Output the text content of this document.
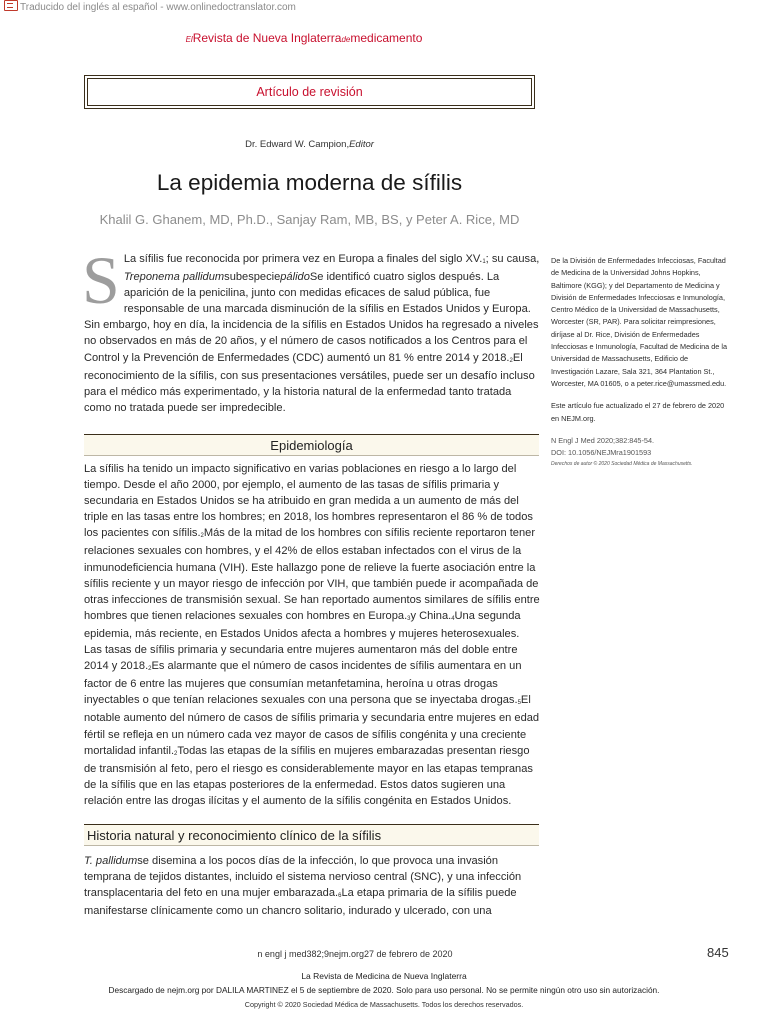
Traducido del inglés al español - www.onlinedoctranslator.com
ElRevista de Nueva Inglaterrademedicamento
Artículo de revisión
Dr. Edward W. Campion,Editor
La epidemia moderna de sífilis
Khalil G. Ghanem, MD, Ph.D., Sanjay Ram, MB, BS, y Peter A. Rice, MD
S La sífilis fue reconocida por primera vez en Europa a finales del siglo $XV._1$; su causa, Treponema pallidumsubespeciepálidoSe identificó cuatro siglos después. La aparición de la penicilina, junto con medidas eficaces de salud pública, fue responsable de una marcada disminución de la sífilis en Estados Unidos y Europa. Sin embargo, hoy en día, la incidencia de la sífilis en Estados Unidos ha regresado a niveles no observados en más de 20 años, y el número de casos notificados a los Centros para el Control y la Prevención de Enfermedades (CDC) aumentó un 81 % entre 2014 y $2018._2El$ reconocimiento de la sífilis, con sus presentaciones versátiles, puede ser un desafío incluso para el médico más experimentado, y la historia natural de la enfermedad tanto tratada como no tratada puede ser impredecible.
Epidemiología
La sífilis ha tenido un impacto significativo en varias poblaciones en riesgo a lo largo del tiempo. Desde el año 2000, por ejemplo, el aumento de las tasas de sífilis primaria y secundaria en Estados Unidos se ha atribuido en gran medida a un aumento de más del triple en las tasas entre los hombres; en 2018, los hombres representaron el 86 % de todos los pacientes con $sífilis._2Más$ de la mitad de los hombres con sífilis reciente reportaron tener relaciones sexuales con hombres, y el 42% de ellos estaban infectados con el virus de la inmunodeficiencia humana (VIH). Este hallazgo pone de relieve la fuerte asociación entre la sífilis reciente y un mayor riesgo de infección por VIH, que también puede ir acompañada de otras infecciones de transmisión sexual. Se han reportado aumentos similares de sífilis entre hombres que tienen relaciones sexuales con hombres en $Europa._3y$ $China._4Una$ segunda epidemia, más reciente, en Estados Unidos afecta a hombres y mujeres heterosexuales. Las tasas de sífilis primaria y secundaria entre mujeres aumentaron más del doble entre 2014 y $2018._2Es$ alarmante que el número de casos incidentes de sífilis aumentara en un factor de 6 entre las mujeres que consumían metanfetamina, heroína u otras drogas inyectables o que tenían relaciones sexuales con una persona que se inyectaba $drogas._5El$ notable aumento del número de casos de sífilis primaria y secundaria entre mujeres en edad fértil se refleja en un número cada vez mayor de casos de sífilis congénita y una creciente mortalidad $infantil._2Todas$ las etapas de la sífilis en mujeres embarazadas presentan riesgo de transmisión al feto, pero el riesgo es considerablemente mayor en las etapas tempranas de la sífilis que en las etapas posteriores de la enfermedad. Estos datos sugieren una relación entre las drogas ilícitas y el aumento de la sífilis congénita en Estados Unidos.
Historia natural y reconocimiento clínico de la sífilis
T. pallidumse disemina a los pocos días de la infección, lo que provoca una invasión temprana de tejidos distantes, incluido el sistema nervioso central (SNC), y una infección transplacentaria del feto en una mujer $embarazada._6La$ etapa primaria de la sífilis puede manifestarse clínicamente como un chancro solitario, indurado y ulcerado, con una

De la División de Enfermedades Infecciosas, Facultad de Medicina de la Universidad Johns Hopkins, Baltimore (KGG); y del Departamento de Medicina y División de Enfermedades Infecciosas e Inmunología, Centro Médico de la Universidad de Massachusetts, Worcester (SR, PAR). Para solicitar reimpresiones, diríjase al Dr. Rice, División de Enfermedades Infecciosas e Inmunología, Facultad de Medicina de la Universidad de Massachusetts, Edificio de Investigación Lazare, Sala 321, 364 Plantation St., Worcester, MA 01605, o a peter.rice@umassmed.edu.

Este artículo fue actualizado el 27 de febrero de 2020 en NEJM.org.

N Engl J Med 2020;382:845-54.

DOI: 10.1056/NEJMra1901593

Derechos de autor © 2020 Sociedad Médica de Massachusetts.

n engl j med382;9nejm.org27 de febrero de 2020	845
La Revista de Medicina de Nueva Inglaterra
Descargado de nejm.org por DALILA MARTINEZ el 5 de septiembre de 2020. Solo para uso personal. No se permite ningún otro uso sin autorización.
Copyright © 2020 Sociedad Médica de Massachusetts. Todos los derechos reservados.
